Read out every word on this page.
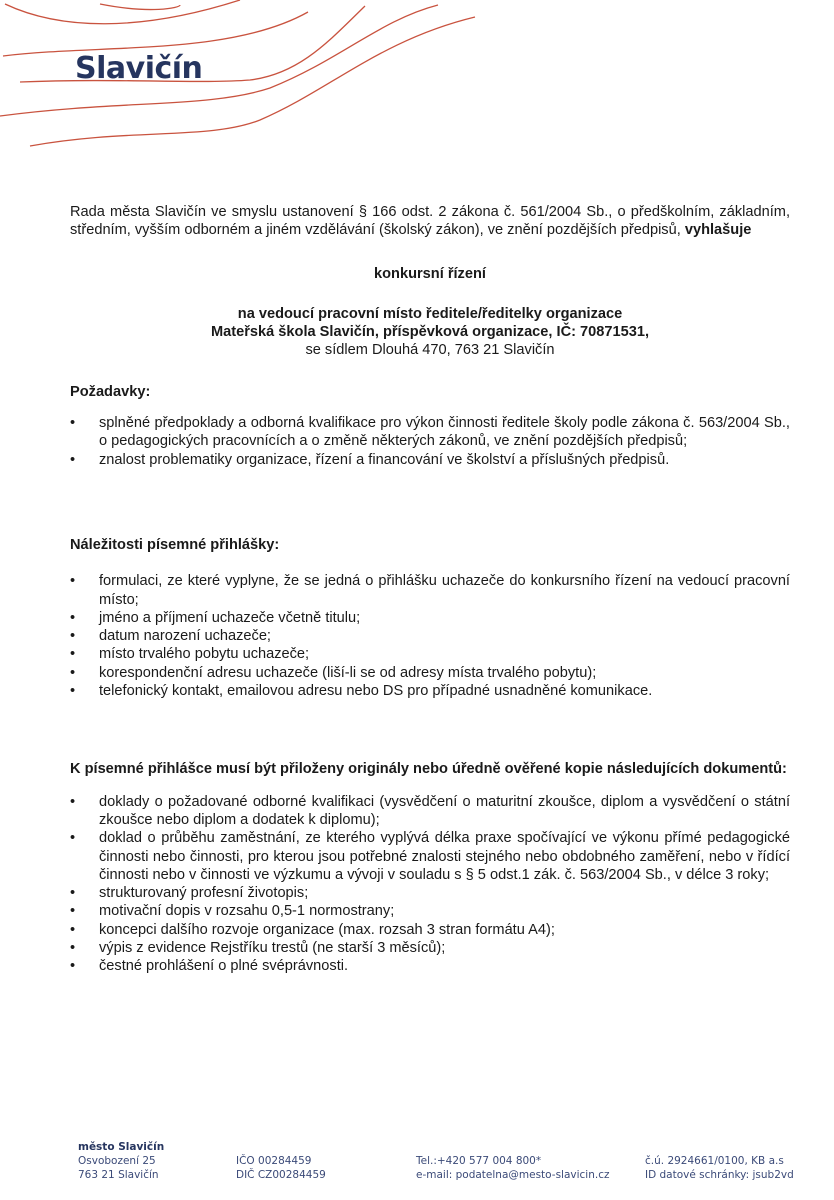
Slavičín

Rada města Slavičín ve smyslu ustanovení § 166 odst. 2 zákona č. 561/2004 Sb., o předškolním, základním, středním, vyšším odborném a jiném vzdělávání (školský zákon), ve znění pozdějších předpisů, vyhlašuje

konkursní řízení

na vedoucí pracovní místo ředitele/ředitelky organizace

Mateřská škola Slavičín, příspěvková organizace, IČ: 70871531,

se sídlem Dlouhá 470, 763 21 Slavičín

Požadavky:

•	splněné předpoklady a odborná kvalifikace pro výkon činnosti ředitele školy podle zákona č. 563/2004 Sb., o pedagogických pracovnících a o změně některých zákonů, ve znění pozdějších předpisů;
•	znalost problematiky organizace, řízení a financování ve školství a příslušných předpisů.

Náležitosti písemné přihlášky:

•	formulaci, ze které vyplyne, že se jedná o přihlášku uchazeče do konkursního řízení na vedoucí pracovní místo;
•	jméno a příjmení uchazeče včetně titulu;
•	datum narození uchazeče;
•	místo trvalého pobytu uchazeče;
•	korespondenční adresu uchazeče (liší-li se od adresy místa trvalého pobytu);
•	telefonický kontakt, emailovou adresu nebo DS pro případné usnadněné komunikace.

K písemné přihlášce musí být přiloženy originály nebo úředně ověřené kopie následujících dokumentů:

•	doklady o požadované odborné kvalifikaci (vysvědčení o maturitní zkoušce, diplom a vysvědčení o státní zkoušce nebo diplom a dodatek k diplomu);
•	doklad o průběhu zaměstnání, ze kterého vyplývá délka praxe spočívající ve výkonu přímé pedagogické činnosti nebo činnosti, pro kterou jsou potřebné znalosti stejného nebo obdobného zaměření, nebo v řídící činnosti nebo v činnosti ve výzkumu a vývoji v souladu s § 5 odst.1 zák. č. 563/2004 Sb., v délce 3 roky;
•	strukturovaný profesní životopis;
•	motivační dopis v rozsahu 0,5-1 normostrany;
•	koncepci dalšího rozvoje organizace (max. rozsah 3 stran formátu A4);
•	výpis z evidence Rejstříku trestů (ne starší 3 měsíců);
•	čestné prohlášení o plné svéprávnosti.
město Slavičín
Osvobození 25
763 21 Slavičín
IČO 00284459
DIČ CZ00284459
Tel.:+420 577 004 800*
e-mail: podatelna@mesto-slavicin.cz
č.ú. 2924661/0100, KB a.s
ID datové schránky: jsub2vd
